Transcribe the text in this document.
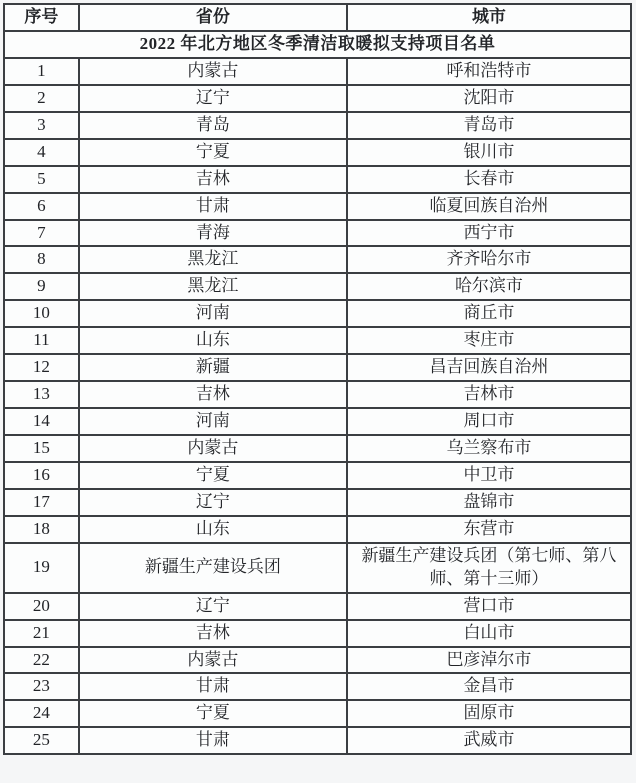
2022 年北方地区冬季清洁取暖拟支持项目名单		
序号	省份	城市
1	内蒙古	呼和浩特市
2	辽宁	沈阳市
3	青岛	青岛市
4	宁夏	银川市
5	吉林	长春市
6	甘肃	临夏回族自治州
7	青海	西宁市
8	黑龙江	齐齐哈尔市
9	黑龙江	哈尔滨市
10	河南	商丘市
11	山东	枣庄市
12	新疆	昌吉回族自治州
13	吉林	吉林市
14	河南	周口市
15	内蒙古	乌兰察布市
16	宁夏	中卫市
17	辽宁	盘锦市
18	山东	东营市
19	新疆生产建设兵团	新疆生产建设兵团（第七师、第八师、第十三师）
20	辽宁	营口市
21	吉林	白山市
22	内蒙古	巴彦淖尔市
23	甘肃	金昌市
24	宁夏	固原市
25	甘肃	武威市
